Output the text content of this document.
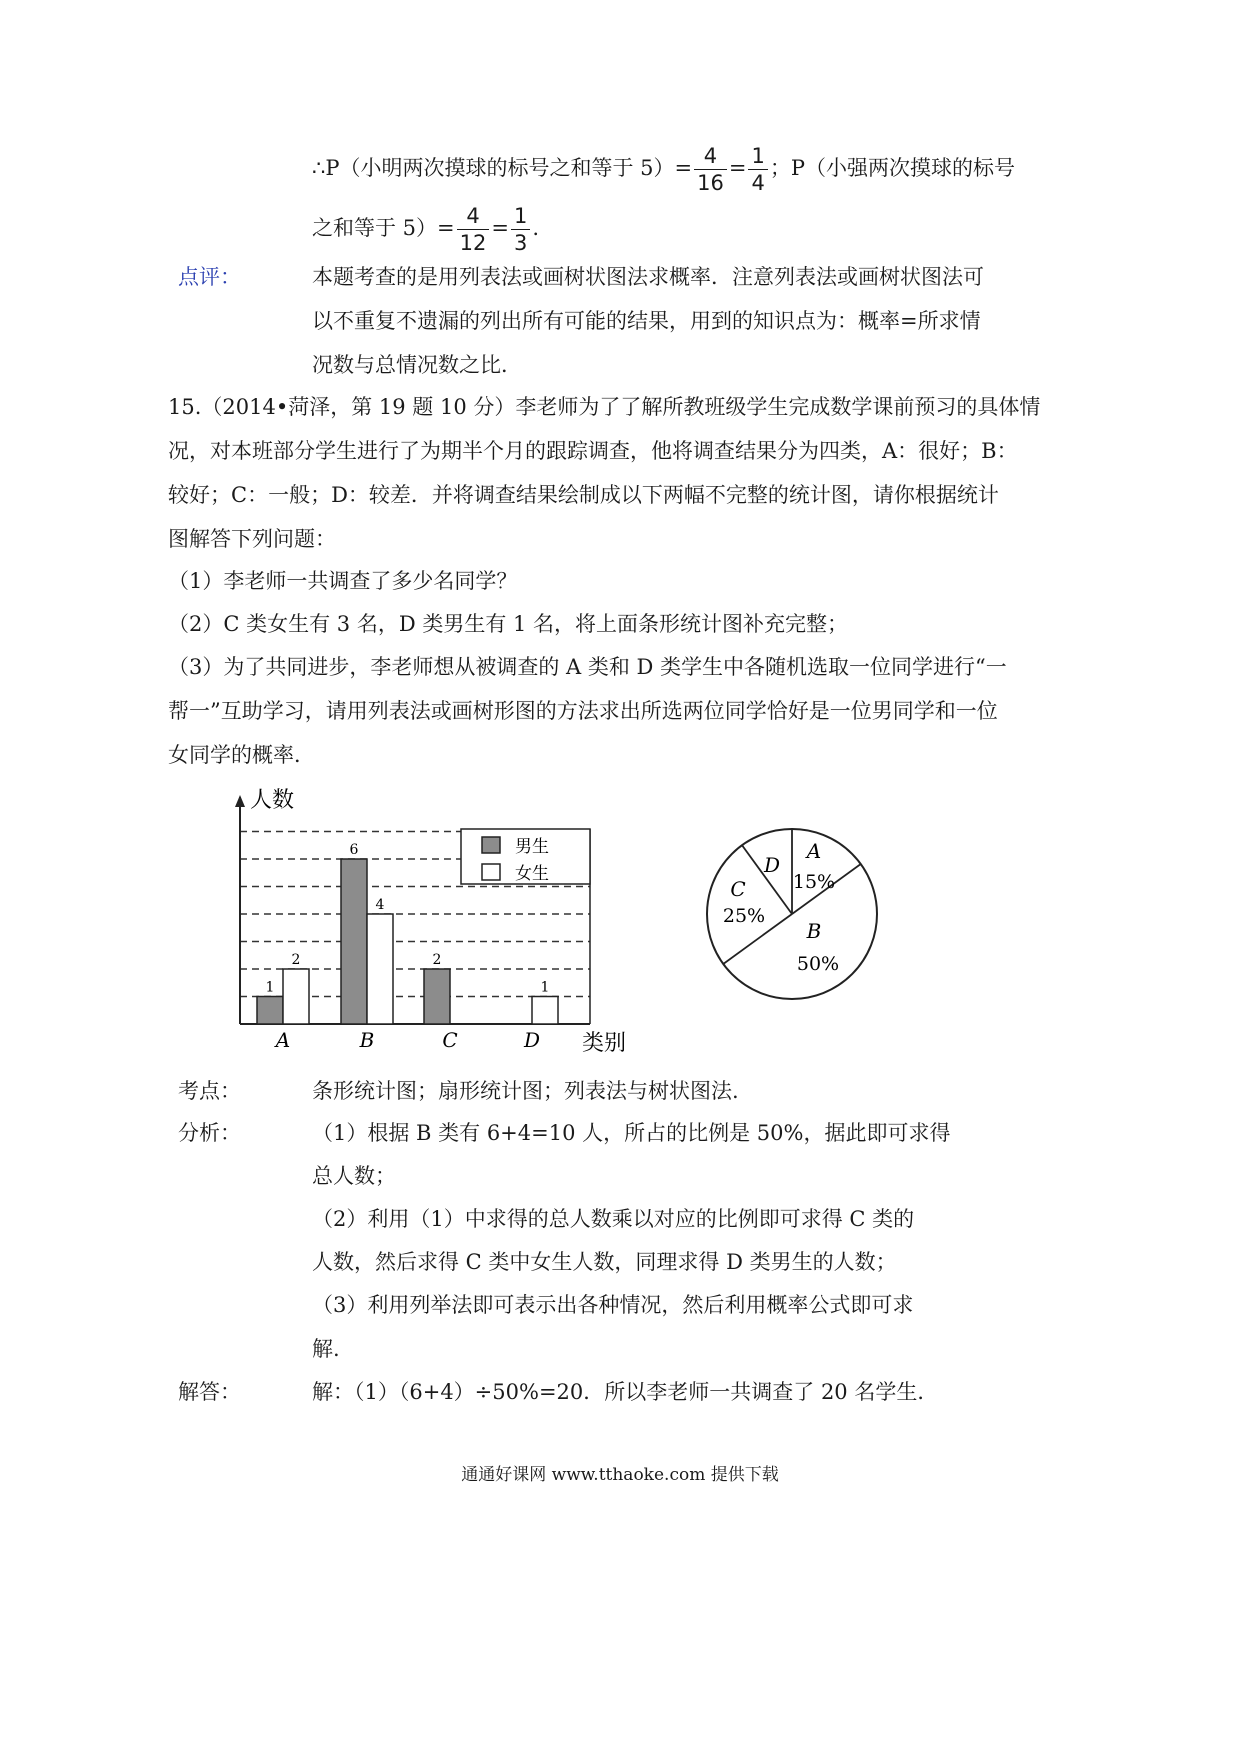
∴P（小明两次摸球的标号之和等于 $5)= \frac{4}{16} = \frac{1}{4}$ ；P（小强两次摸球的标号
之和等于 $5)= \frac{4}{12} = \frac{1}{3}$ .
点评：	本题考查的是用列表法或画树状图法求概率．注意列表法或画树状图法可
以不重复不遗漏的列出所有可能的结果，用到的知识点为：概率=所求情
况数与总情况数之比．
15.（2014•菏泽，第 19 题 10 分）李老师为了了解所教班级学生完成数学课前预习的具体情
况，对本班部分学生进行了为期半个月的跟踪调查，他将调查结果分为四类，A：很好；B：
较好；C：一般；D：较差．并将调查结果绘制成以下两幅不完整的统计图，请你根据统计
图解答下列问题：
（1）李老师一共调查了多少名同学？
（2）C 类女生有 3 名，D 类男生有 1 名，将上面条形统计图补充完整；
（3）为了共同进步，李老师想从被调查的 A 类和 D 类学生中各随机选取一位同学进行“一
帮一”互助学习，请用列表法或画树形图的方法求出所选两位同学恰好是一位男同学和一位
女同学的概率．
人数
类别
1
2
A
6
4
B
2
C
1
D
男生
女生
A
15%
B
50%
C
25%
D
考点：	条形统计图；扇形统计图；列表法与树状图法.
分析：	（1）根据 B 类有 6+4=10 人，所占的比例是 50%，据此即可求得
总人数；
（2）利用（1）中求得的总人数乘以对应的比例即可求得 C 类的
人数，然后求得 C 类中女生人数，同理求得 D 类男生的人数；
（3）利用列举法即可表示出各种情况，然后利用概率公式即可求
解.
解答：	解：（1）（6+4）÷50%=20．所以李老师一共调查了 20 名学生．
通通好课网 www.tthaoke.com 提供下载
